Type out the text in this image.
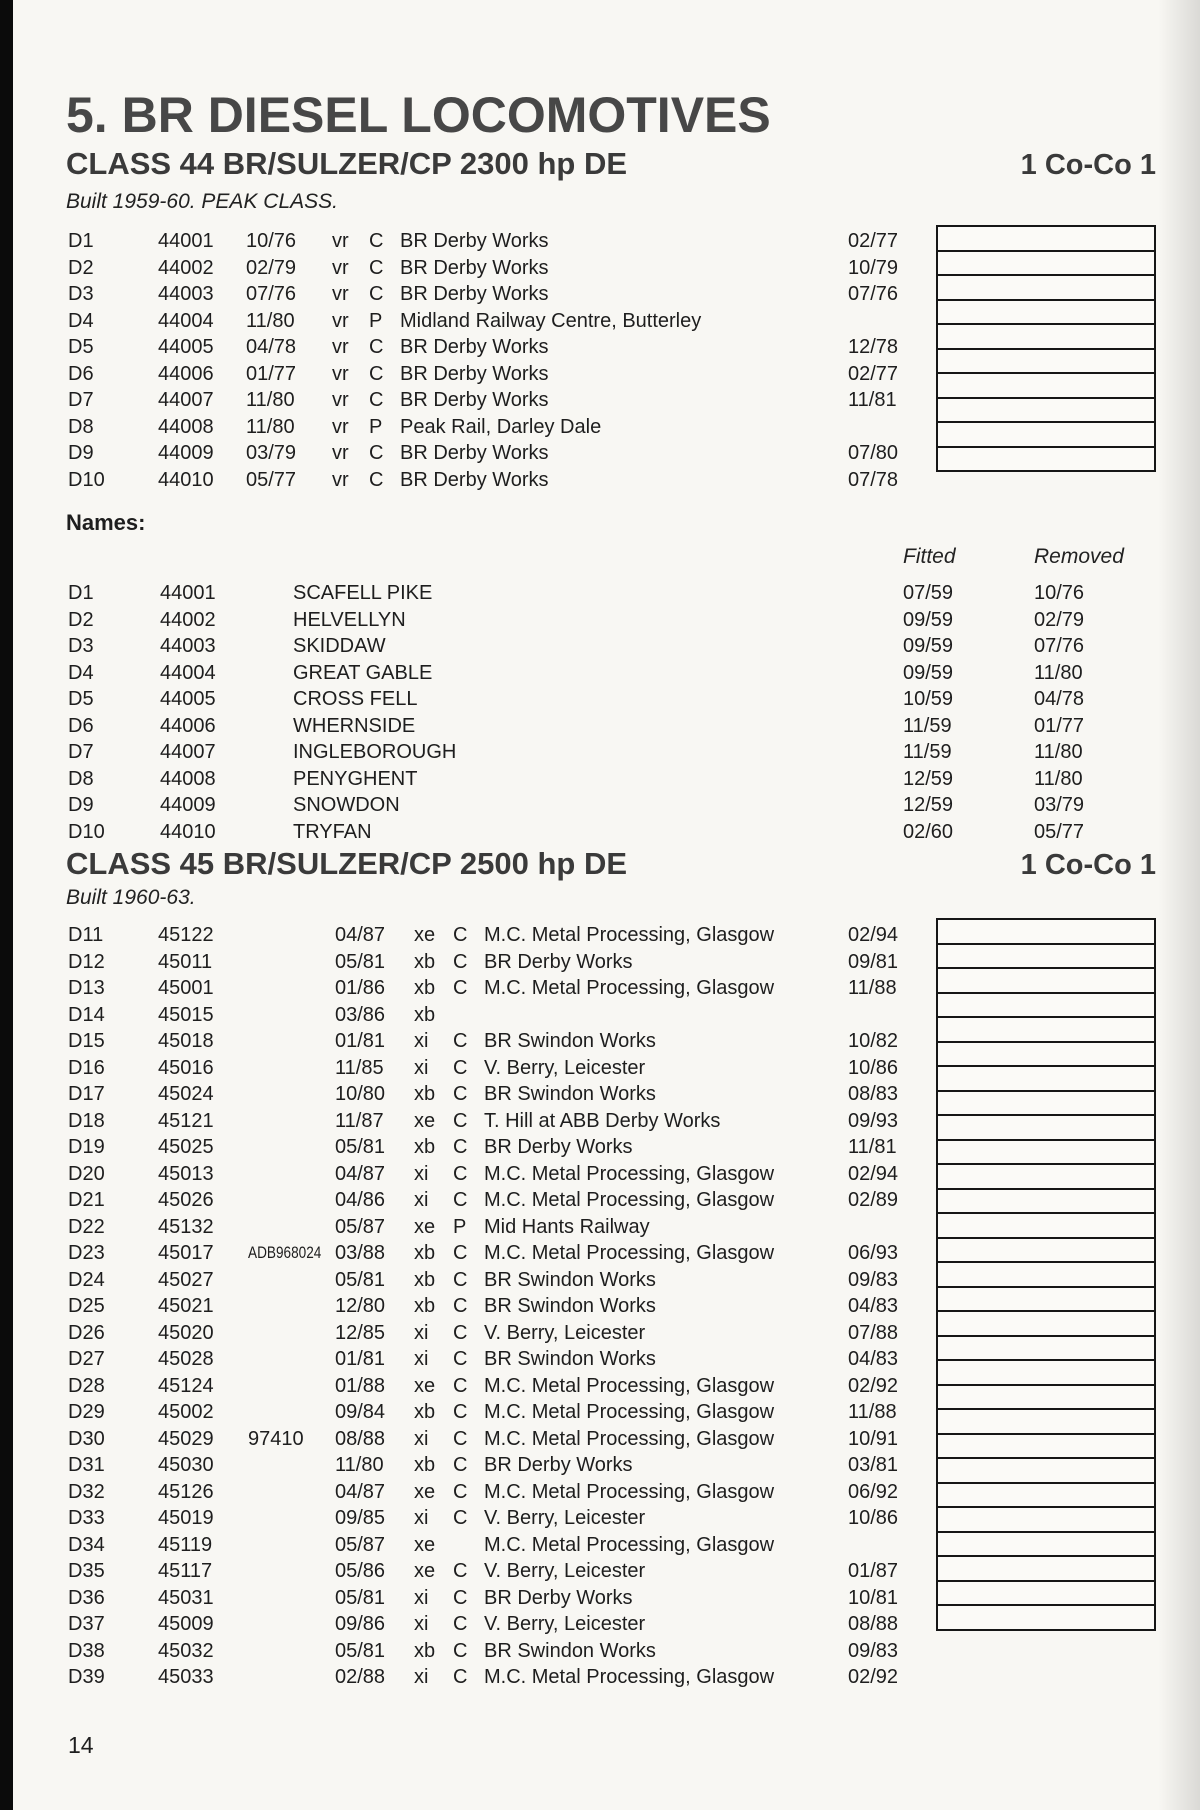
5. BR DIESEL LOCOMOTIVES
CLASS 44 BR/SULZER/CP 2300 hp DE	1 Co-Co 1
Built 1959-60. PEAK CLASS.
D1	44001 10/76 vr C BR Derby Works	02/77
D2	44002 02/79 vr C BR Derby Works	10/79
D3	44003 07/76 vr C BR Derby Works	07/76
D4	44004 11/80 vr P Midland Railway Centre, Butterley
D5	44005 04/78 vr C BR Derby Works	12/78
D6	44006 01/77 vr C BR Derby Works	02/77
D7	44007 11/80 vr C BR Derby Works	11/81
D8	44008 11/80 vr P Peak Rail, Darley Dale
D9	44009 03/79 vr C BR Derby Works	07/80
D10	44010 05/77 vr C BR Derby Works	07/78
Names:
Fitted	Removed
D1	44001	SCAFELL PIKE	07/59	10/76
D2	44002	HELVELLYN	09/59	02/79
D3	44003	SKIDDAW	09/59	07/76
D4	44004	GREAT GABLE	09/59	11/80
D5	44005	CROSS FELL	10/59	04/78
D6	44006	WHERNSIDE	11/59	01/77
D7	44007	INGLEBOROUGH	11/59	11/80
D8	44008	PENYGHENT	12/59	11/80
D9	44009	SNOWDON	12/59	03/79
D10	44010	TRYFAN	02/60	05/77
CLASS 45 BR/SULZER/CP 2500 hp DE	1 Co-Co 1
Built 1960-63.
D11	45122	04/87 xe C M.C. Metal Processing, Glasgow	02/94
D12	45011	05/81 xb C BR Derby Works	09/81
D13	45001	01/86 xb C M.C. Metal Processing, Glasgow	11/88
D14	45015	03/86 xb
D15	45018	01/81 xi C BR Swindon Works	10/82
D16	45016	11/85 xi C V. Berry, Leicester	10/86
D17	45024	10/80 xb C BR Swindon Works	08/83
D18	45121	11/87 xe C T. Hill at ABB Derby Works	09/93
D19	45025	05/81 xb C BR Derby Works	11/81
D20	45013	04/87 xi C M.C. Metal Processing, Glasgow	02/94
D21	45026	04/86 xi C M.C. Metal Processing, Glasgow	02/89
D22	45132	05/87 xe P Mid Hants Railway
D23	45017 ADB968024 03/88 xb C M.C. Metal Processing, Glasgow	06/93
D24	45027	05/81 xb C BR Swindon Works	09/83
D25	45021	12/80 xb C BR Swindon Works	04/83
D26	45020	12/85 xi C V. Berry, Leicester	07/88
D27	45028	01/81 xi C BR Swindon Works	04/83
D28	45124	01/88 xe C M.C. Metal Processing, Glasgow	02/92
D29	45002	09/84 xb C M.C. Metal Processing, Glasgow	11/88
D30	45029 97410 08/88 xi C M.C. Metal Processing, Glasgow	10/91
D31	45030	11/80 xb C BR Derby Works	03/81
D32	45126	04/87 xe C M.C. Metal Processing, Glasgow	06/92
D33	45019	09/85 xi C V. Berry, Leicester	10/86
D34	45119	05/87 xe M.C. Metal Processing, Glasgow
D35	45117	05/86 xe C V. Berry, Leicester	01/87
D36	45031	05/81 xi C BR Derby Works	10/81
D37	45009	09/86 xi C V. Berry, Leicester	08/88
D38	45032	05/81 xb C BR Swindon Works	09/83
D39	45033	02/88 xi C M.C. Metal Processing, Glasgow	02/92
14
